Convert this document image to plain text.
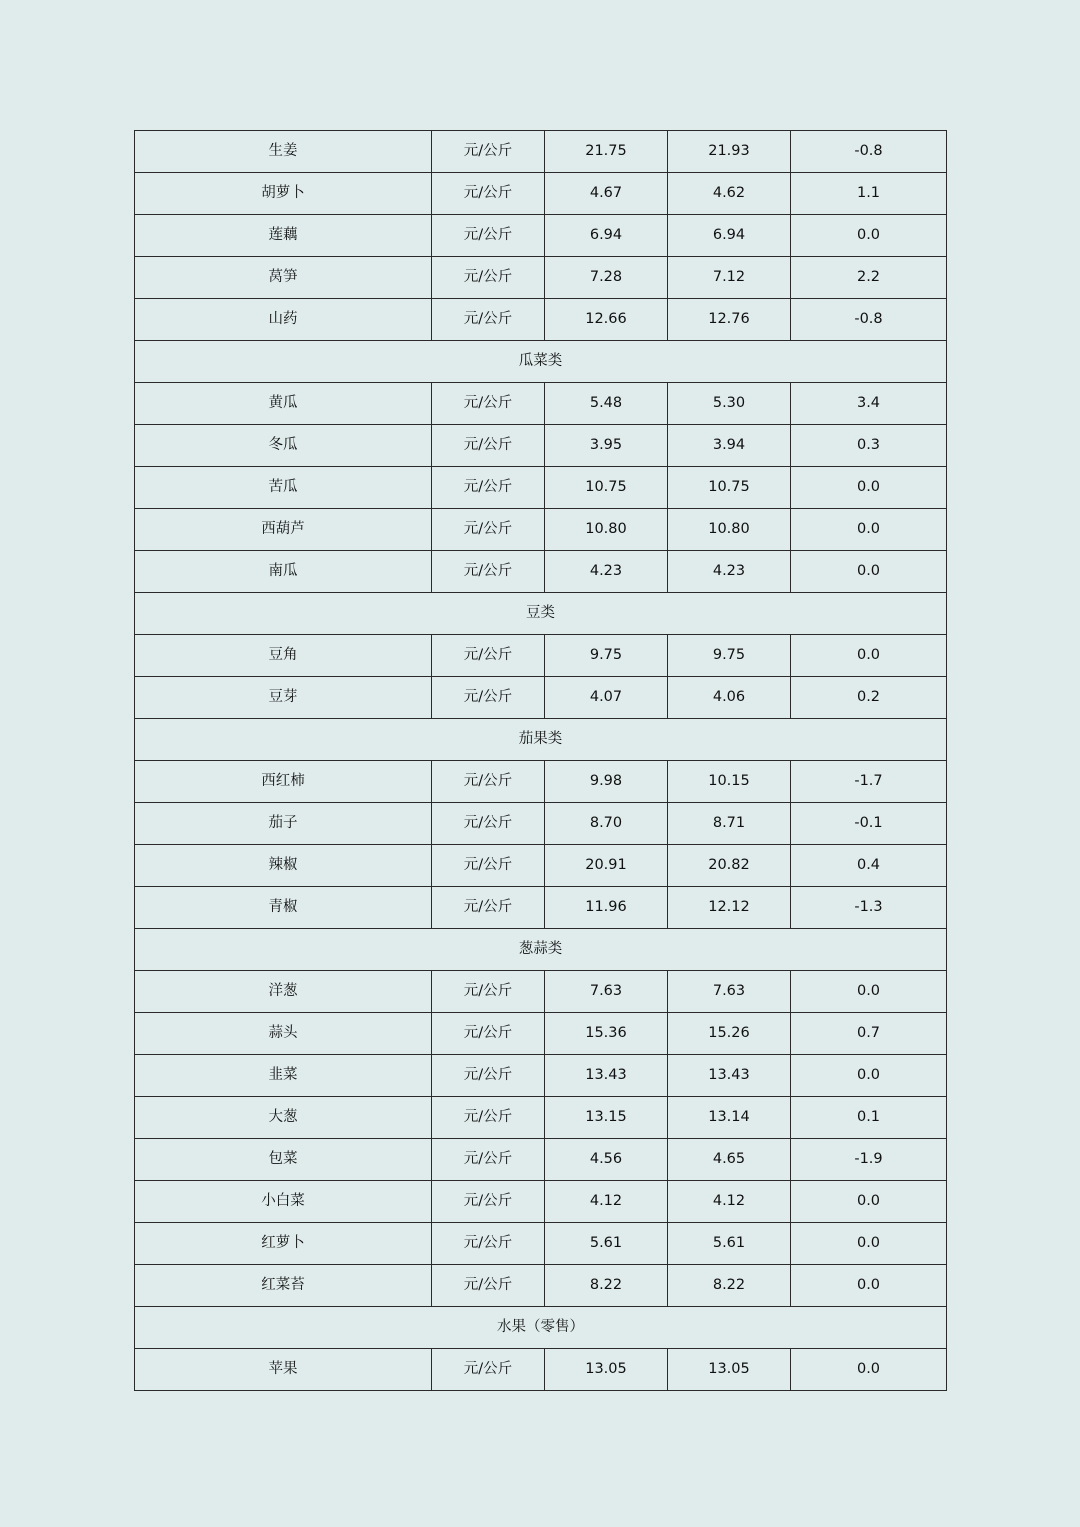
生姜	元/公斤	21.75	21.93	-0.8
胡萝卜	元/公斤	4.67	4.62	1.1
莲藕	元/公斤	6.94	6.94	0.0
莴笋	元/公斤	7.28	7.12	2.2
山药	元/公斤	12.66	12.76	-0.8
瓜菜类				
黄瓜	元/公斤	5.48	5.30	3.4
冬瓜	元/公斤	3.95	3.94	0.3
苦瓜	元/公斤	10.75	10.75	0.0
西葫芦	元/公斤	10.80	10.80	0.0
南瓜	元/公斤	4.23	4.23	0.0
豆类				
豆角	元/公斤	9.75	9.75	0.0
豆芽	元/公斤	4.07	4.06	0.2
茄果类				
西红柿	元/公斤	9.98	10.15	-1.7
茄子	元/公斤	8.70	8.71	-0.1
辣椒	元/公斤	20.91	20.82	0.4
青椒	元/公斤	11.96	12.12	-1.3
葱蒜类				
洋葱	元/公斤	7.63	7.63	0.0
蒜头	元/公斤	15.36	15.26	0.7
韭菜	元/公斤	13.43	13.43	0.0
大葱	元/公斤	13.15	13.14	0.1
包菜	元/公斤	4.56	4.65	-1.9
小白菜	元/公斤	4.12	4.12	0.0
红萝卜	元/公斤	5.61	5.61	0.0
红菜苔	元/公斤	8.22	8.22	0.0
水果（零售）				
苹果	元/公斤	13.05	13.05	0.0
